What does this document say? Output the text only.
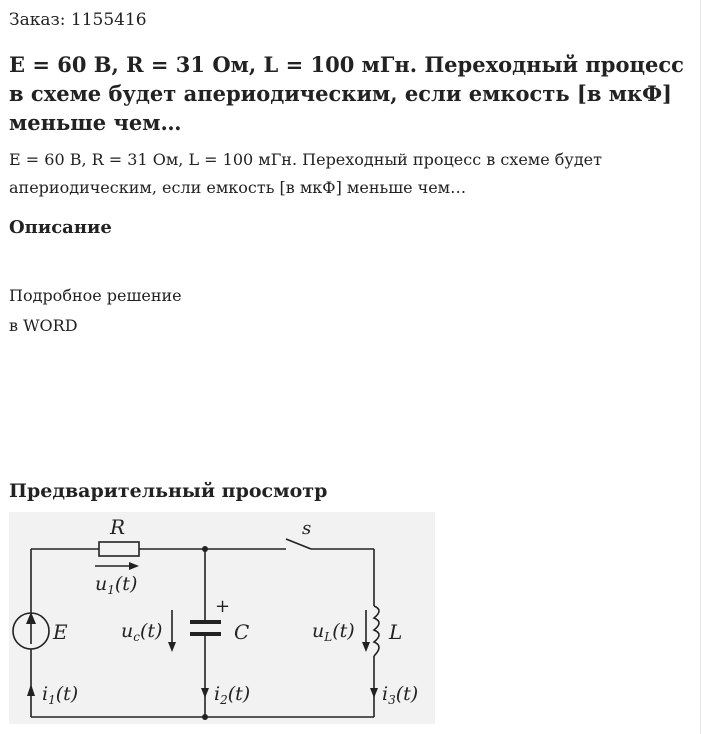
Заказ: 1155416
E = 60 В, R = 31 Ом, L = 100 мГн. Переходный процесс в схеме будет апериодическим, если емкость [в мкФ] меньше чем…

E = 60 В, R = 31 Ом, L = 100 мГн. Переходный процесс в схеме будет апериодическим, если емкость [в мкФ] меньше чем…

Описание
Подробное решение
в WORD
Предварительный просмотр
R	s
E	C	L
+
$u_1(t)$
$u_c(t)$	$u_L(t)$
$i_1(t)$	$i_2(t)$	$i_3(t)$
